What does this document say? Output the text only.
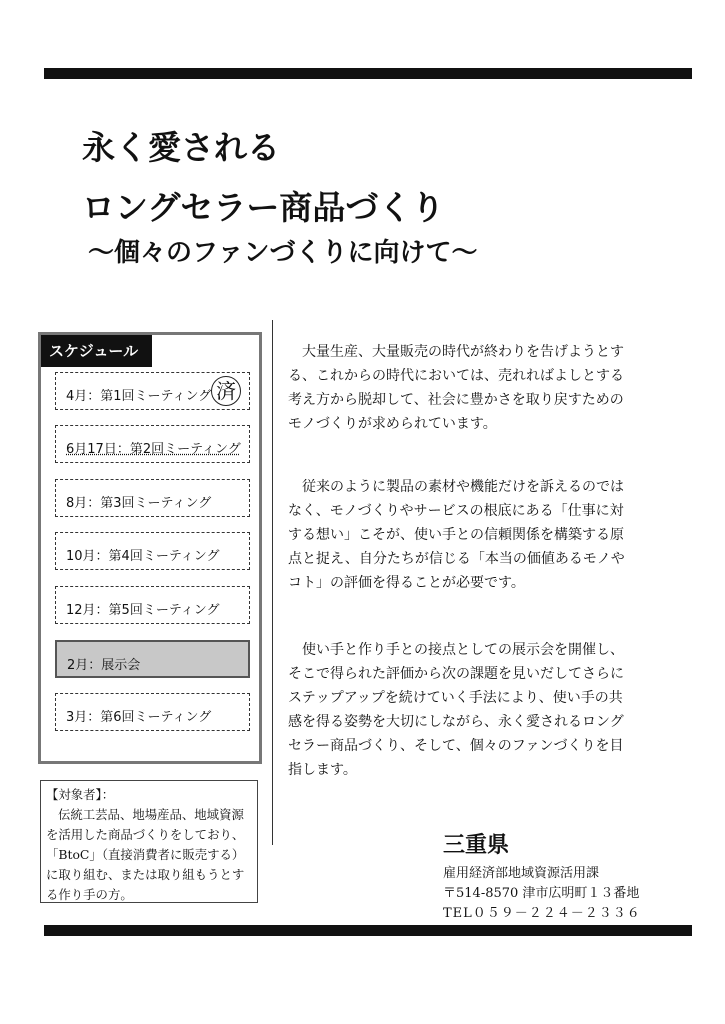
永く愛される
ロングセラー商品づくり
～個々のファンづくりに向けて～
スケジュール
4月：第1回ミーティング 済
6月17日：第2回ミーティング
8月：第3回ミーティング
10月：第4回ミーティング
12月：第5回ミーティング
2月：展示会
3月：第6回ミーティング
大量生産、大量販売の時代が終わりを告げようとする、これからの時代においては、売れればよしとする考え方から脱却して、社会に豊かさを取り戻すためのモノづくりが求められています。
従来のように製品の素材や機能だけを訴えるのではなく、モノづくりやサービスの根底にある「仕事に対する想い」こそが、使い手との信頼関係を構築する原点と捉え、自分たちが信じる「本当の価値あるモノやコト」の評価を得ることが必要です。
使い手と作り手との接点としての展示会を開催し、そこで得られた評価から次の課題を見いだしてさらにステップアップを続けていく手法により、使い手の共感を得る姿勢を大切にしながら、永く愛されるロングセラー商品づくり、そして、個々のファンづくりを目指します。
【対象者】：
伝統工芸品、地場産品、地域資源を活用した商品づくりをしており、「BtoC」（直接消費者に販売する）に取り組む、または取り組もうとする作り手の方。
三重県
雇用経済部地域資源活用課
〒514-8570 津市広明町１３番地
TEL０５９－２２４－２３３６
